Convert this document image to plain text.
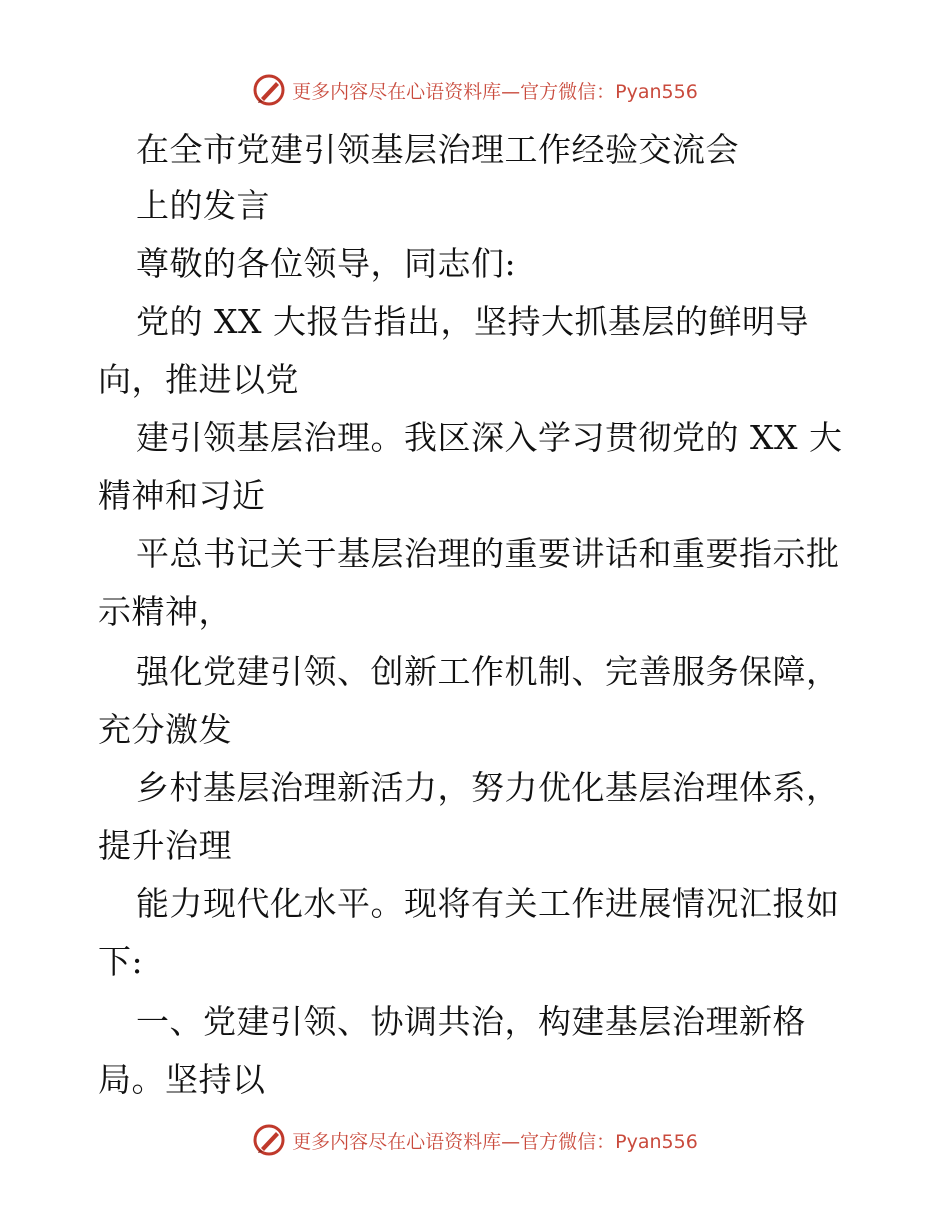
更多内容尽在心语资料库—官方微信：Pyan556
在全市党建引领基层治理工作经验交流会
上的发言
尊敬的各位领导，同志们:
党的 XX 大报告指出，坚持大抓基层的鲜明导
向，推进以党
建引领基层治理。我区深入学习贯彻党的 XX 大
精神和习近
平总书记关于基层治理的重要讲话和重要指示批
示精神，
强化党建引领、创新工作机制、完善服务保障，
充分激发
乡村基层治理新活力，努力优化基层治理体系，
提升治理
能力现代化水平。现将有关工作进展情况汇报如
下:
一、党建引领、协调共治，构建基层治理新格
局。坚持以
更多内容尽在心语资料库—官方微信：Pyan556
